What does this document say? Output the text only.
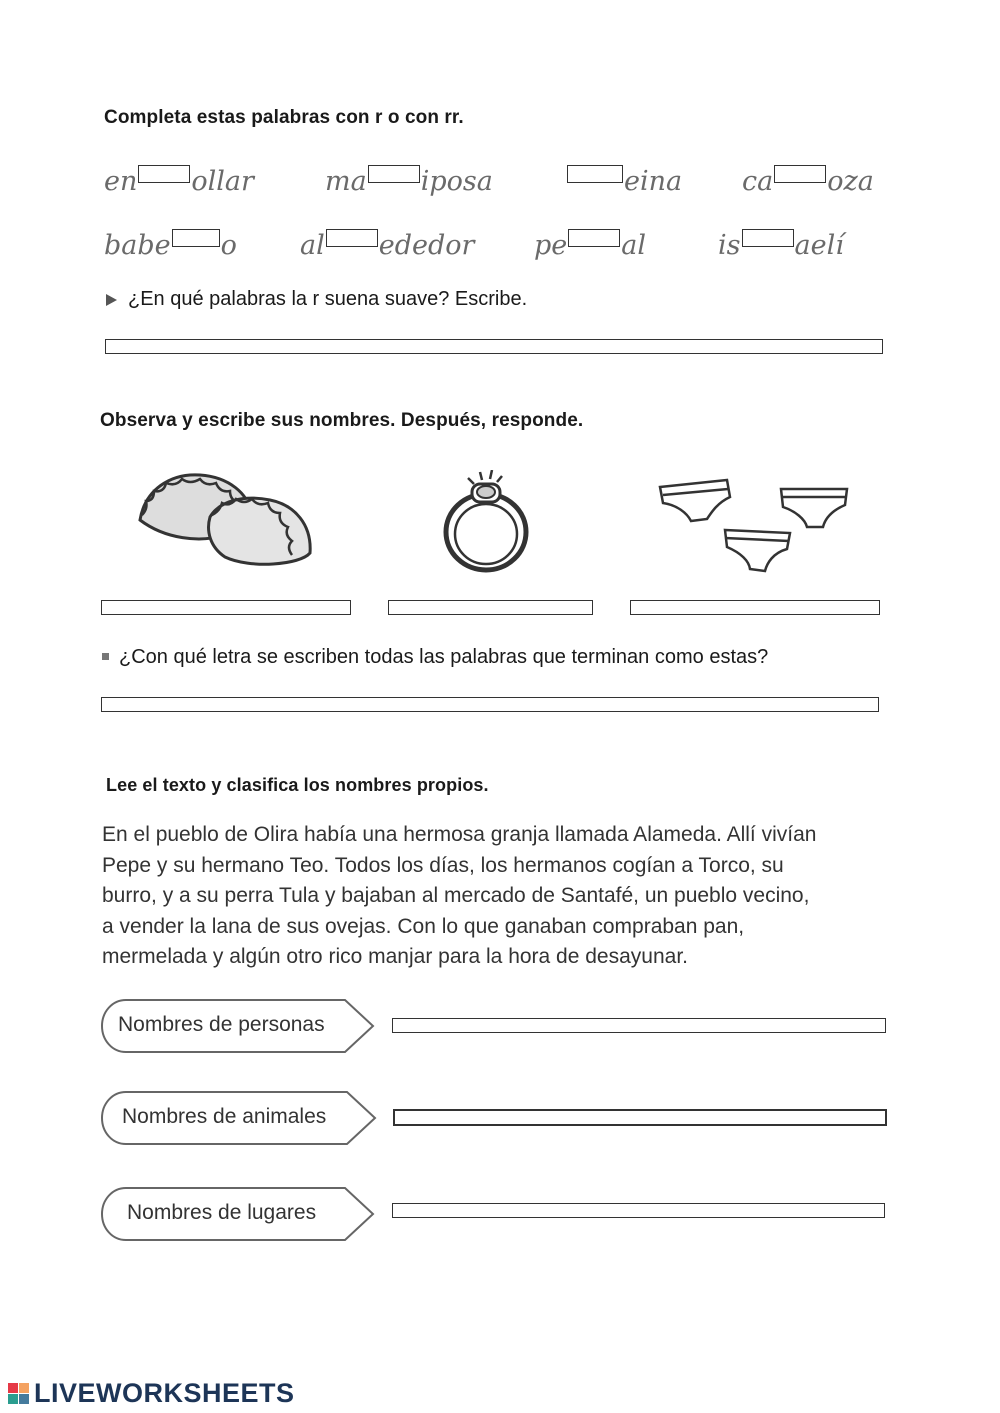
Completa estas palabras con r o con rr.
en ollar	ma iposa	eina ca oza
babe o al ededor pe al	is aelí
¿En qué palabras la r suena suave? Escribe.
Observa y escribe sus nombres. Después, responde.
¿Con qué letra se escriben todas las palabras que terminan como estas?
Lee el texto y clasifica los nombres propios.

En el pueblo de Olira había una hermosa granja llamada Alameda. Allí vivían

Pepe y su hermano Teo. Todos los días, los hermanos cogían a Torco, su

burro, y a su perra Tula y bajaban al mercado de Santafé, un pueblo vecino,

a vender la lana de sus ovejas. Con lo que ganaban compraban pan,

mermelada y algún otro rico manjar para la hora de desayunar.

Nombres de personas
Nombres de animales
Nombres de lugares
LIVEWORKSHEETS
